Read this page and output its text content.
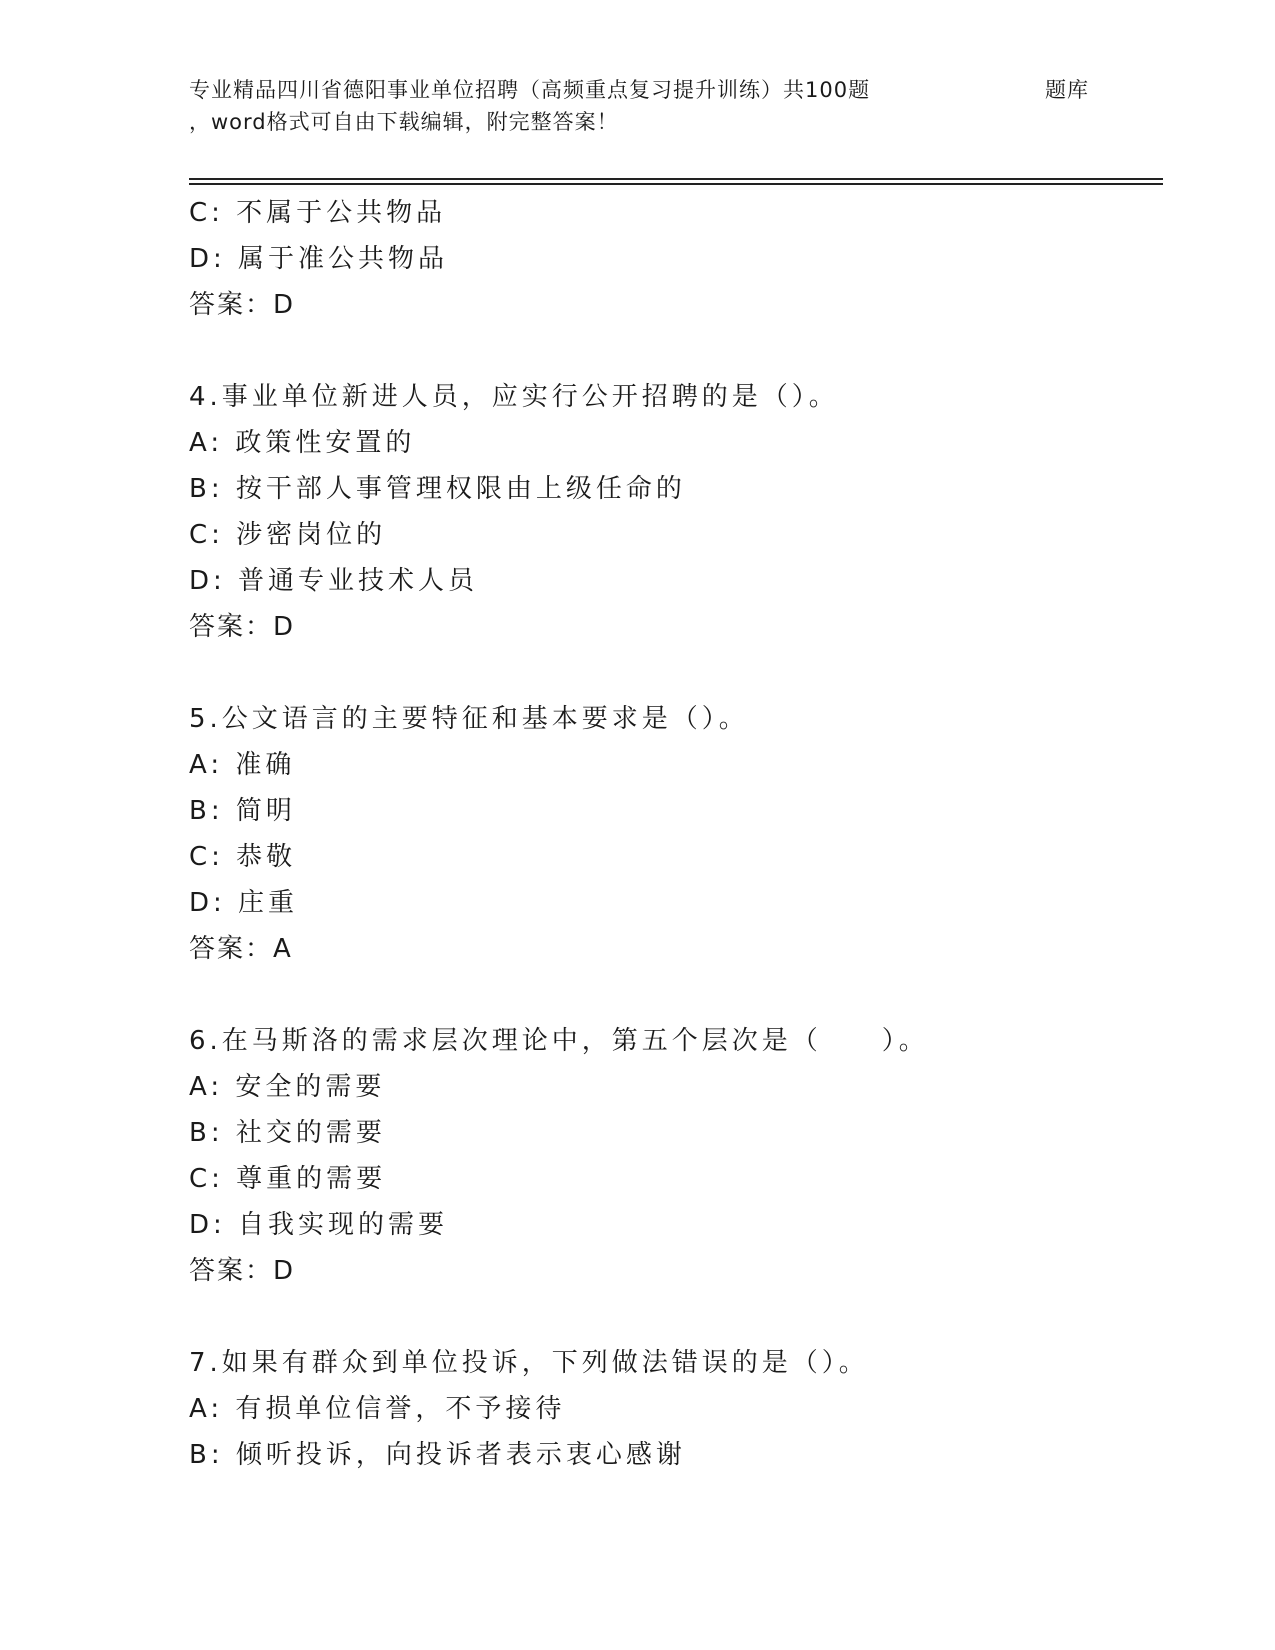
专业精品四川省德阳事业单位招聘（高频重点复习提升训练）共100题	题库
，word格式可自由下载编辑，附完整答案！
C: 不属于公共物品
D: 属于准公共物品
答案：D
4.事业单位新进人员，应实行公开招聘的是（）。
A: 政策性安置的
B: 按干部人事管理权限由上级任命的
C: 涉密岗位的
D: 普通专业技术人员
答案：D
5.公文语言的主要特征和基本要求是（）。
A: 准确
B: 简明
C: 恭敬
D: 庄重
答案：A
6.在马斯洛的需求层次理论中，第五个层次是（　　）。
A: 安全的需要
B: 社交的需要
C: 尊重的需要
D: 自我实现的需要
答案：D
7.如果有群众到单位投诉，下列做法错误的是（）。
A: 有损单位信誉，不予接待
B: 倾听投诉，向投诉者表示衷心感谢
